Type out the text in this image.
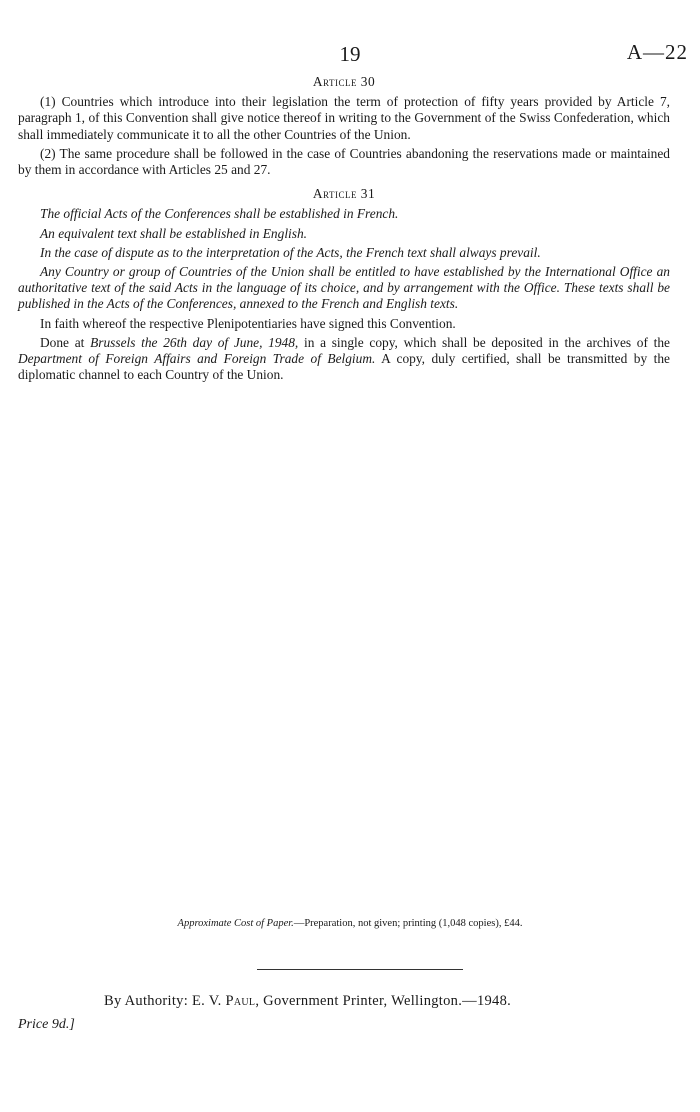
19	A—22
Article 30

(1) Countries which introduce into their legislation the term of protection of fifty years provided by Article 7, paragraph 1, of this Convention shall give notice thereof in writing to the Government of the Swiss Confederation, which shall immediately communicate it to all the other Countries of the Union.

(2) The same procedure shall be followed in the case of Countries abandoning the reservations made or maintained by them in accordance with Articles 25 and 27.

Article 31

The official Acts of the Conferences shall be established in French.

An equivalent text shall be established in English.

In the case of dispute as to the interpretation of the Acts, the French text shall always prevail.

Any Country or group of Countries of the Union shall be entitled to have established by the International Office an authoritative text of the said Acts in the language of its choice, and by arrangement with the Office. These texts shall be published in the Acts of the Conferences, annexed to the French and English texts.

In faith whereof the respective Plenipotentiaries have signed this Convention.

Done at Brussels the 26th day of June, 1948, in a single copy, which shall be deposited in the archives of the Department of Foreign Affairs and Foreign Trade of Belgium. A copy, duly certified, shall be transmitted by the diplomatic channel to each Country of the Union.

Approximate Cost of Paper.—Preparation, not given; printing (1,048 copies), £44.
By Authority: E. V. Paul, Government Printer, Wellington.—1948.
Price 9d.]
